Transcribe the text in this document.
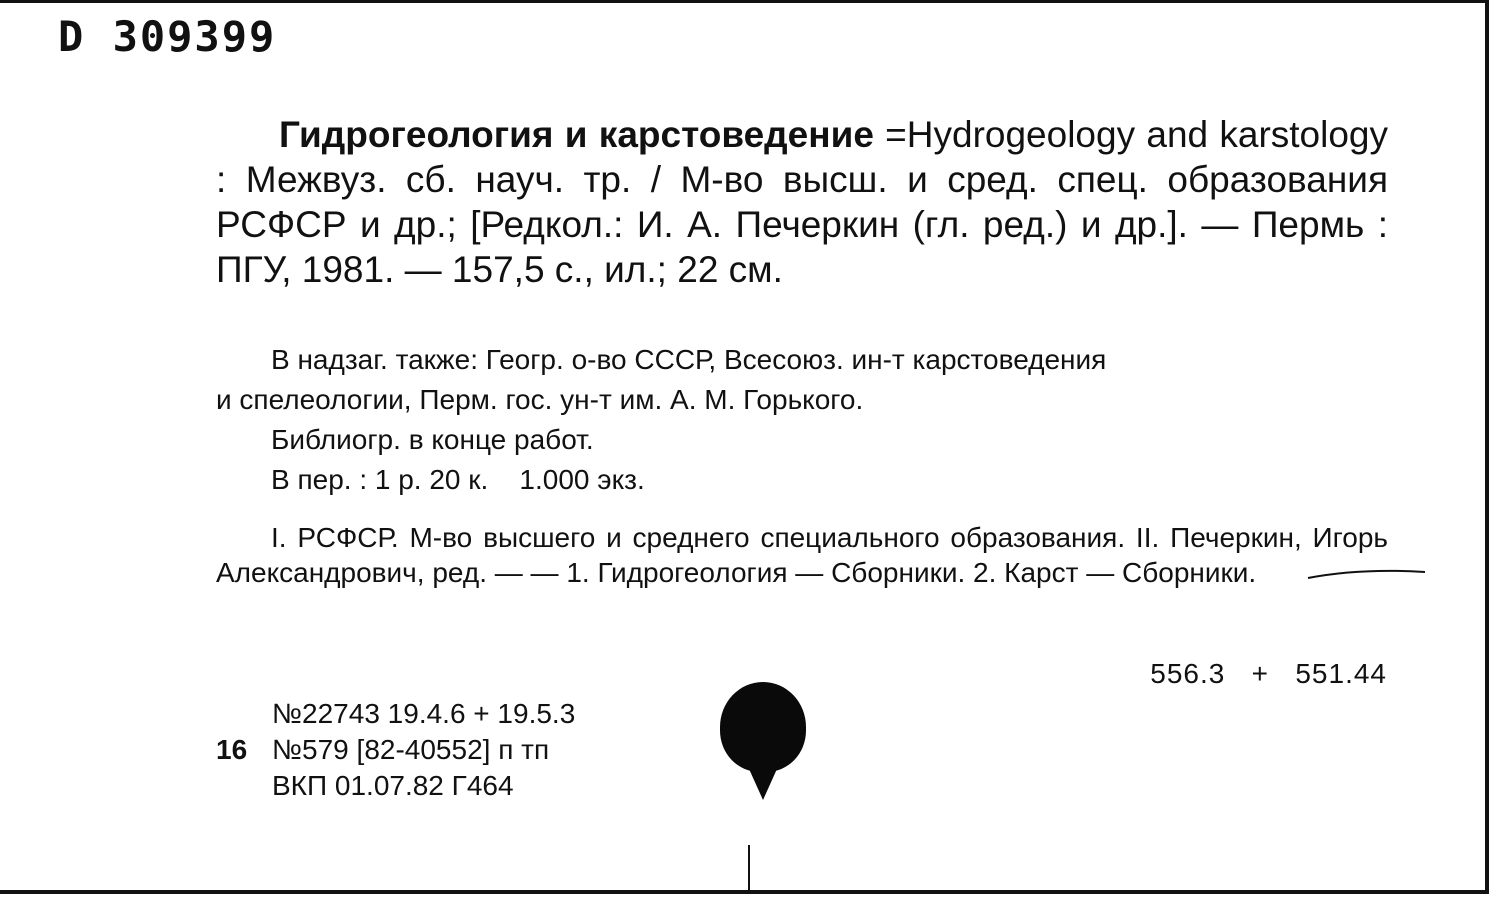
D 309399
Гидрогеология и карстоведение =Hydrogeology and karstology : Межвуз. сб. науч. тр. / М-во высш. и сред. спец. образования РСФСР и др.; [Редкол.: И. А. Печеркин (гл. ред.) и др.]. — Пермь : ПГУ, 1981. — 157,5 с., ил.; 22 см.

В надзаг. также: Геогр. о-во СССР, Всесоюз. ин-т карстоведения

и спелеологии, Перм. гос. ун-т им. А. М. Горького.

Библиогр. в конце работ.

В пер. : 1 р. 20 к.    1.000 экз.

I. РСФСР. М-во высшего и среднего специального образования. II. Печеркин, Игорь Александрович, ред. — — 1. Гидрогеология — Сборники. 2. Карст — Сборники.
556.3   +   551.44
№22743 19.4.6 + 19.5.3
16 №579 [82-40552] п тп
ВКП 01.07.82 Г464
